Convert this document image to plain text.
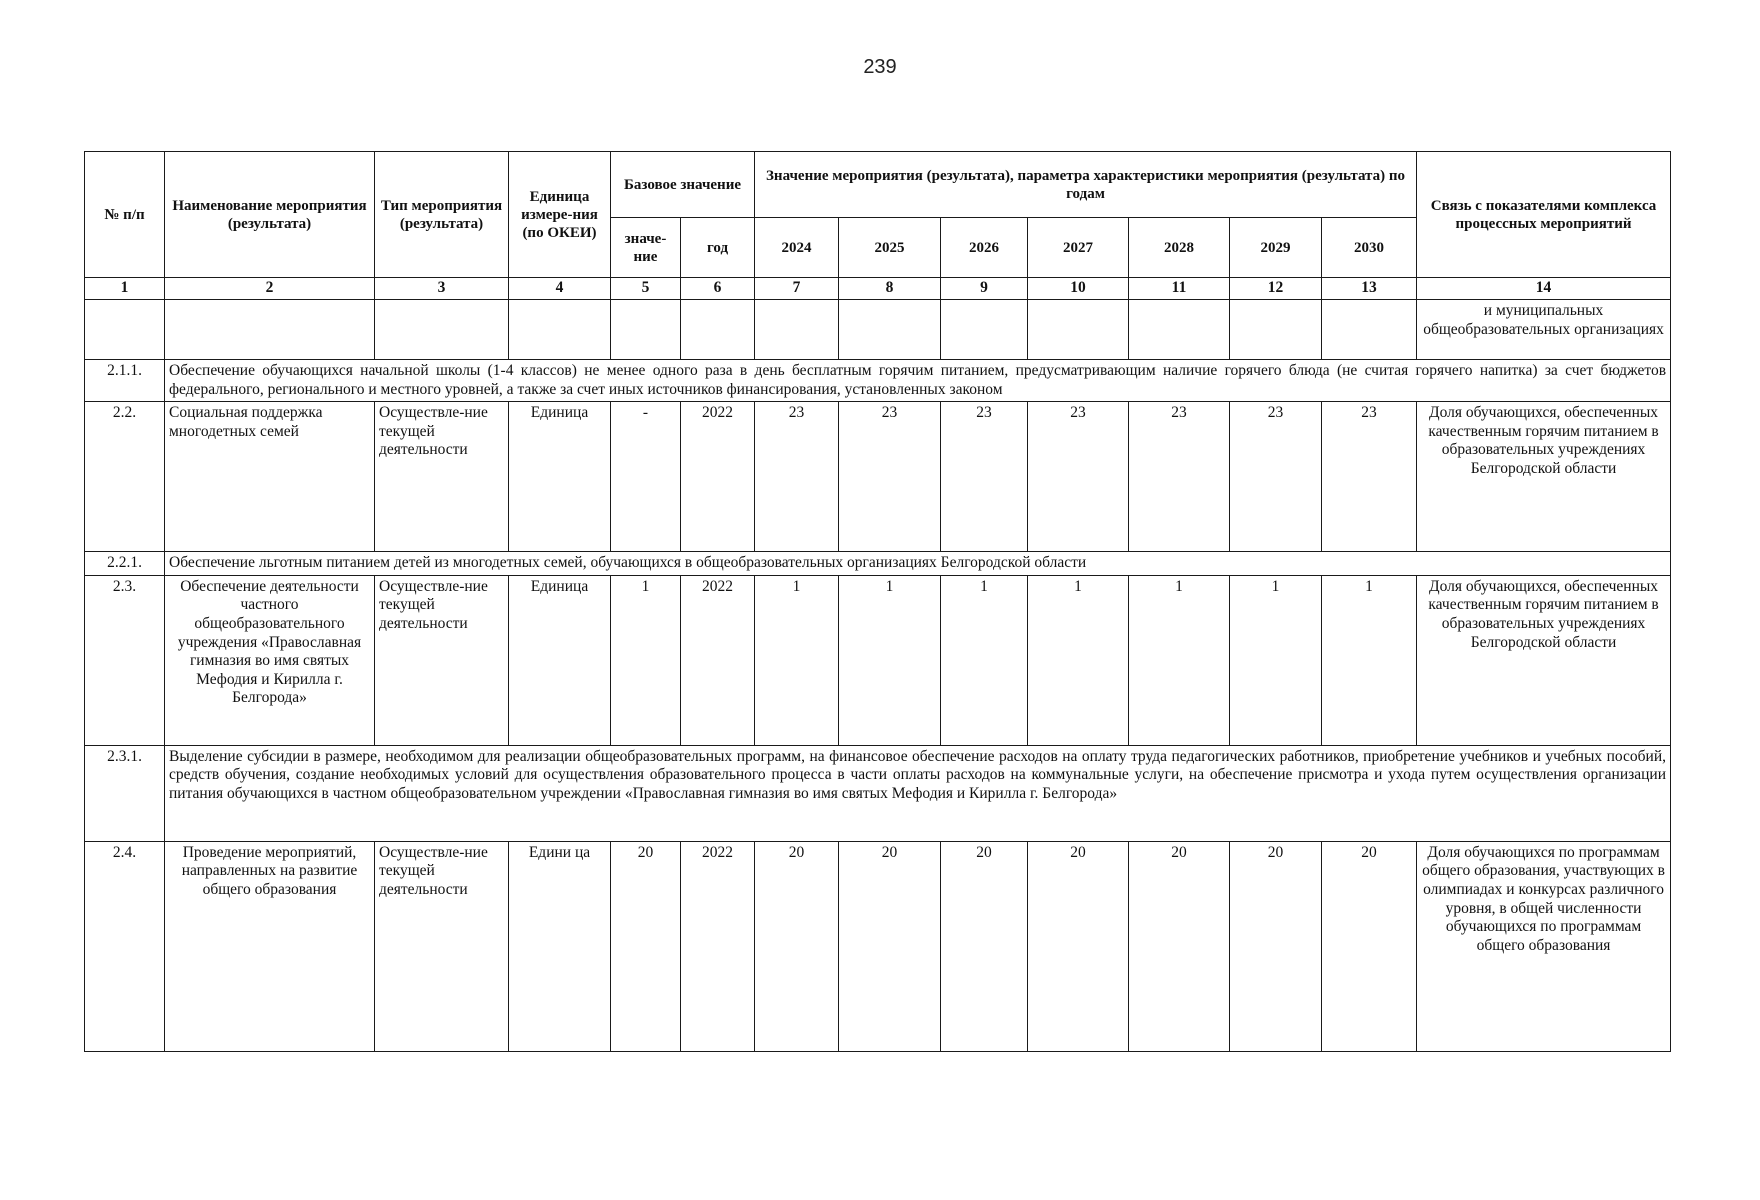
239
№ п/п	Наименование мероприятия (результата)	Тип мероприятия (результата)	Единица измере-ния (по ОКЕИ)	Базовое значение		Значение мероприятия (результата), параметра характеристики мероприятия (результата) по годам							Связь с показателями комплекса процессных мероприятий
				значе-ние	год	2024	2025	2026	2027	2028	2029	2030	
1	2	3	4	5	6	7	8	9	10	11	12	13	14
													и муниципальных общеобразовательных организациях
2.1.1.	Обеспечение обучающихся начальной школы (1-4 классов) не менее одного раза в день бесплатным горячим питанием, предусматривающим наличие горячего блюда (не считая горячего напитка) за счет бюджетов федерального, регионального и местного уровней, а также за счет иных источников финансирования, установленных законом												
2.2.	Социальная поддержка многодетных семей	Осуществле-ние текущей деятельности	Единица	-	2022	23	23	23	23	23	23	23	Доля обучающихся, обеспеченных качественным горячим питанием в образовательных учреждениях Белгородской области
2.2.1.	Обеспечение льготным питанием детей из многодетных семей, обучающихся в общеобразовательных организациях Белгородской области												
2.3.	Обеспечение деятельности частного общеобразовательного учреждения «Православная гимназия во имя святых Мефодия и Кирилла г. Белгорода»	Осуществле-ние текущей деятельности	Единица	1	2022	1	1	1	1	1	1	1	Доля обучающихся, обеспеченных качественным горячим питанием в образовательных учреждениях Белгородской области
2.3.1.	Выделение субсидии в размере, необходимом для реализации общеобразовательных программ, на финансовое обеспечение расходов на оплату труда педагогических работников, приобретение учебников и учебных пособий, средств обучения, создание необходимых условий для осуществления образовательного процесса в части оплаты расходов на коммунальные услуги, на обеспечение присмотра и ухода путем осуществления организации питания обучающихся в частном общеобразовательном учреждении «Православная гимназия во имя святых Мефодия и Кирилла г. Белгорода»												
2.4.	Проведение мероприятий, направленных на развитие общего образования	Осуществле-ние текущей деятельности	Едини ца	20	2022	20	20	20	20	20	20	20	Доля обучающихся по программам общего образования, участвующих в олимпиадах и конкурсах различного уровня, в общей численности обучающихся по программам общего образования
